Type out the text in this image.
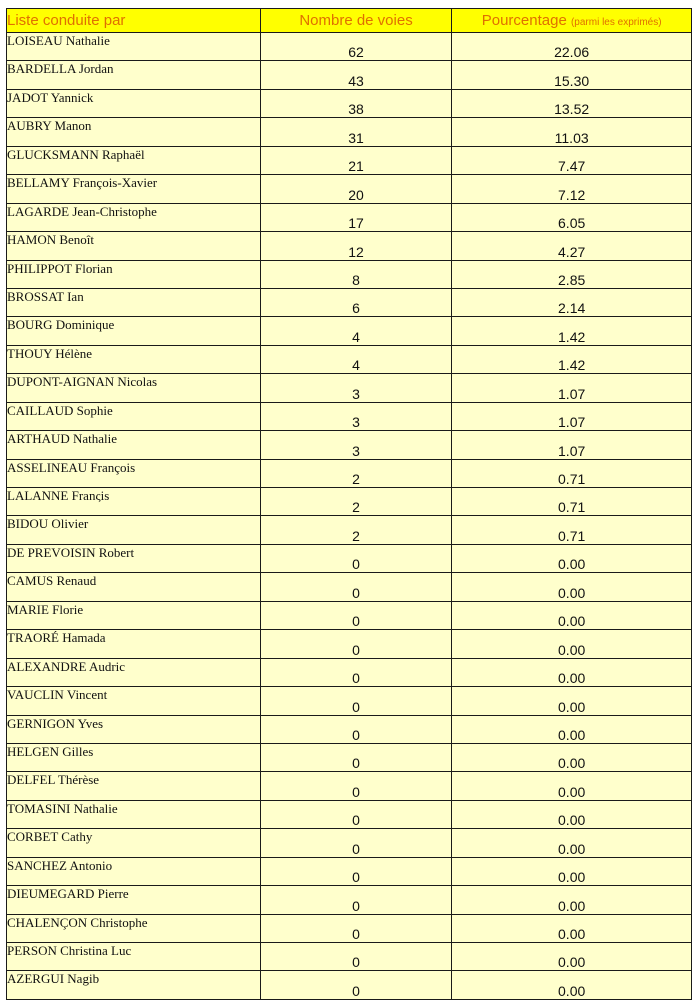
Liste conduite par	Nombre de voies	Pourcentage (parmi les exprimés)
LOISEAU Nathalie	62	22.06
BARDELLA Jordan	43	15.30
JADOT Yannick	38	13.52
AUBRY Manon	31	11.03
GLUCKSMANN Raphaël	21	7.47
BELLAMY François-Xavier	20	7.12
LAGARDE Jean-Christophe	17	6.05
HAMON Benoît	12	4.27
PHILIPPOT Florian	8	2.85
BROSSAT Ian	6	2.14
BOURG Dominique	4	1.42
THOUY Hélène	4	1.42
DUPONT-AIGNAN Nicolas	3	1.07
CAILLAUD Sophie	3	1.07
ARTHAUD Nathalie	3	1.07
ASSELINEAU François	2	0.71
LALANNE Franςis	2	0.71
BIDOU Olivier	2	0.71
DE PREVOISIN Robert	0	0.00
CAMUS Renaud	0	0.00
MARIE Florie	0	0.00
TRAORÉ Hamada	0	0.00
ALEXANDRE Audric	0	0.00
VAUCLIN Vincent	0	0.00
GERNIGON Yves	0	0.00
HELGEN Gilles	0	0.00
DELFEL Thérèse	0	0.00
TOMASINI Nathalie	0	0.00
CORBET Cathy	0	0.00
SANCHEZ Antonio	0	0.00
DIEUMEGARD Pierre	0	0.00
CHALENÇON Christophe	0	0.00
PERSON Christina Luc	0	0.00
AZERGUI Nagib	0	0.00
